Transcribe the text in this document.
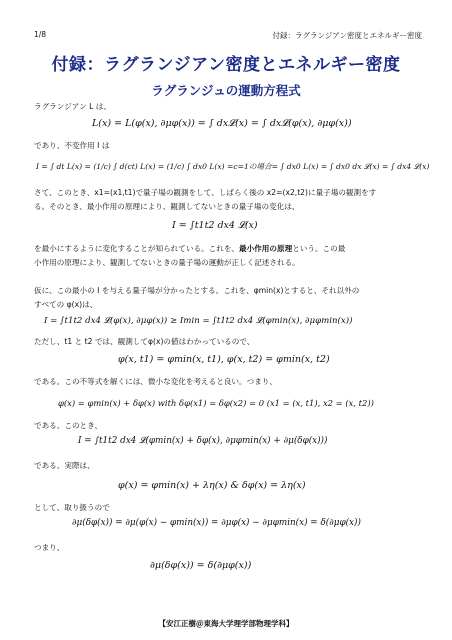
1/8	付録：ラグランジアン密度とエネルギー密度
付録：ラグランジアン密度とエネルギー密度
ラグランジュの運動方程式
ラグランジアン L は、
L(x) = L(φ(x), ∂μφ(x)) = ∫ dx𝓛(x) = ∫ dx𝓛(φ(x), ∂μφ(x))
であり、不変作用 I は
I = ∫ dt L(x) = (1/c) ∫ d(ct) L(x) = (1/c) ∫ dx0 L(x) =c=1の場合= ∫ dx0 L(x) = ∫ dx0 dx 𝓛(x) = ∫ dx4 𝓛(x)
さて、このとき、x1=(x1,t1)で量子場の観測をして、しばらく後の x2=(x2,t2)に量子場の観測をす
る。そのとき、最小作用の原理により、観測してないときの量子場の変化は、
I = ∫t1t2 dx4 𝓛(x)
を最小にするように変化することが知られている。これを、最小作用の原理という。この最
小作用の原理により、観測してないときの量子場の運動が正しく記述される。
仮に、この最小の I を与える量子場が分かったとする。これを、φmin(x)とすると、それ以外の
すべての φ(x)は、
I = ∫t1t2 dx4 𝓛(φ(x), ∂μφ(x)) ≥ Imin = ∫t1t2 dx4 𝓛(φmin(x), ∂μφmin(x))
ただし、t1 と t2 では、観測してφ(x)の値はわかっているので、
φ(x, t1) = φmin(x, t1), φ(x, t2) = φmin(x, t2)
である。この不等式を解くには、微小な変化を考えると良い。つまり、
φ(x) = φmin(x) + δφ(x) with δφ(x1) = δφ(x2) = 0 (x1 = (x, t1), x2 = (x, t2))
である。このとき、
I = ∫t1t2 dx4 𝓛(φmin(x) + δφ(x), ∂μφmin(x) + ∂μ(δφ(x)))
である。実際は、
φ(x) = φmin(x) + λη(x) & δφ(x) = λη(x)
として、取り扱うので
∂μ(δφ(x)) = ∂μ(φ(x) − φmin(x)) = ∂μφ(x) − ∂μφmin(x) = δ(∂μφ(x))
つまり、
∂μ(δφ(x)) = δ(∂μφ(x))
【安江正樹＠東海大学理学部物理学科】
